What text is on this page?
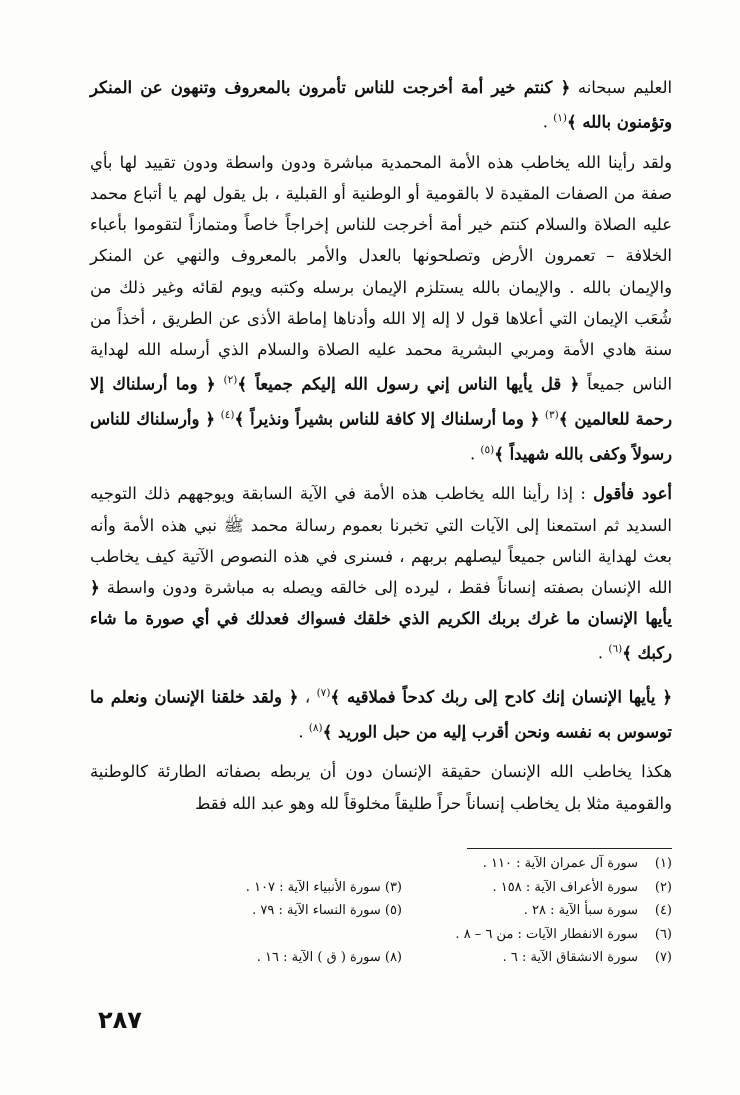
العليم سبحانه ﴿ كنتم خير أمة أخرجت للناس تأمرون بالمعروف وتنهون عن المنكر وتؤمنون بالله ﴾$^{(١)}$ .

ولقد رأينا الله يخاطب هذه الأمة المحمدية مباشرة ودون واسطة ودون تقييد لها بأي صفة من الصفات المقيدة لا بالقومية أو الوطنية أو القبلية ، بل يقول لهم يا أتباع محمد عليه الصلاة والسلام كنتم خير أمة أخرجت للناس إخراجاً خاصاً ومتمازاً لتقوموا بأعباء الخلافة – تعمرون الأرض وتصلحونها بالعدل والأمر بالمعروف والنهي عن المنكر والإيمان بالله . والإيمان بالله يستلزم الإيمان برسله وكتبه ويوم لقائه وغير ذلك من شُعَب الإيمان التي أعلاها قول لا إله إلا الله وأدناها إماطة الأذى عن الطريق ، أخذاً من سنة هادي الأمة ومربي البشرية محمد عليه الصلاة والسلام الذي أرسله الله لهداية الناس جميعاً ﴿ قل يأيها الناس إني رسول الله إليكم جميعاً ﴾$^{(٢)}$ ﴿ وما أرسلناك إلا رحمة للعالمين ﴾$^{(٣)}$ ﴿ وما أرسلناك إلا كافة للناس بشيراً ونذيراً ﴾$^{(٤)}$ ﴿ وأرسلناك للناس رسولاً وكفى بالله شهيداً ﴾$^{(٥)}$ .

أعود فأقول : إذا رأينا الله يخاطب هذه الأمة في الآية السابقة ويوجههم ذلك التوجيه السديد ثم استمعنا إلى الآيات التي تخبرنا بعموم رسالة محمد ﷺ نبي هذه الأمة وأنه بعث لهداية الناس جميعاً ليصلهم بربهم ، فسنرى في هذه النصوص الآتية كيف يخاطب الله الإنسان بصفته إنساناً فقط ، ليرده إلى خالقه ويصله به مباشرة ودون واسطة ﴿ يأيها الإنسان ما غرك بربك الكريم الذي خلقك فسواك فعدلك في أي صورة ما شاء ركبك ﴾$^{(٦)}$ .

﴿ يأيها الإنسان إنك كادح إلى ربك كدحاً فملاقيه ﴾$^{(٧)}$ ، ﴿ ولقد خلقنا الإنسان ونعلم ما توسوس به نفسه ونحن أقرب إليه من حبل الوريد ﴾$^{(٨)}$ .

هكذا يخاطب الله الإنسان حقيقة الإنسان دون أن يربطه بصفاته الطارئة كالوطنية والقومية مثلا بل يخاطب إنساناً حراً طليقاً مخلوقاً لله وهو عبد الله فقط

(١)سورة آل عمران الآية : ١١٠ .
(٢)سورة الأعراف الآية : ١٥٨ .
(٣) سورة الأنبياء الآية : ١٠٧ .
(٤)سورة سبأ الآية : ٢٨ .
(٥) سورة النساء الآية : ٧٩ .
(٦)سورة الانفطار الآيات : من ٦ – ٨ .
(٧)سورة الانشقاق الآية : ٦ .
(٨) سورة ( ق ) الآية : ١٦ .
٢٨٧
